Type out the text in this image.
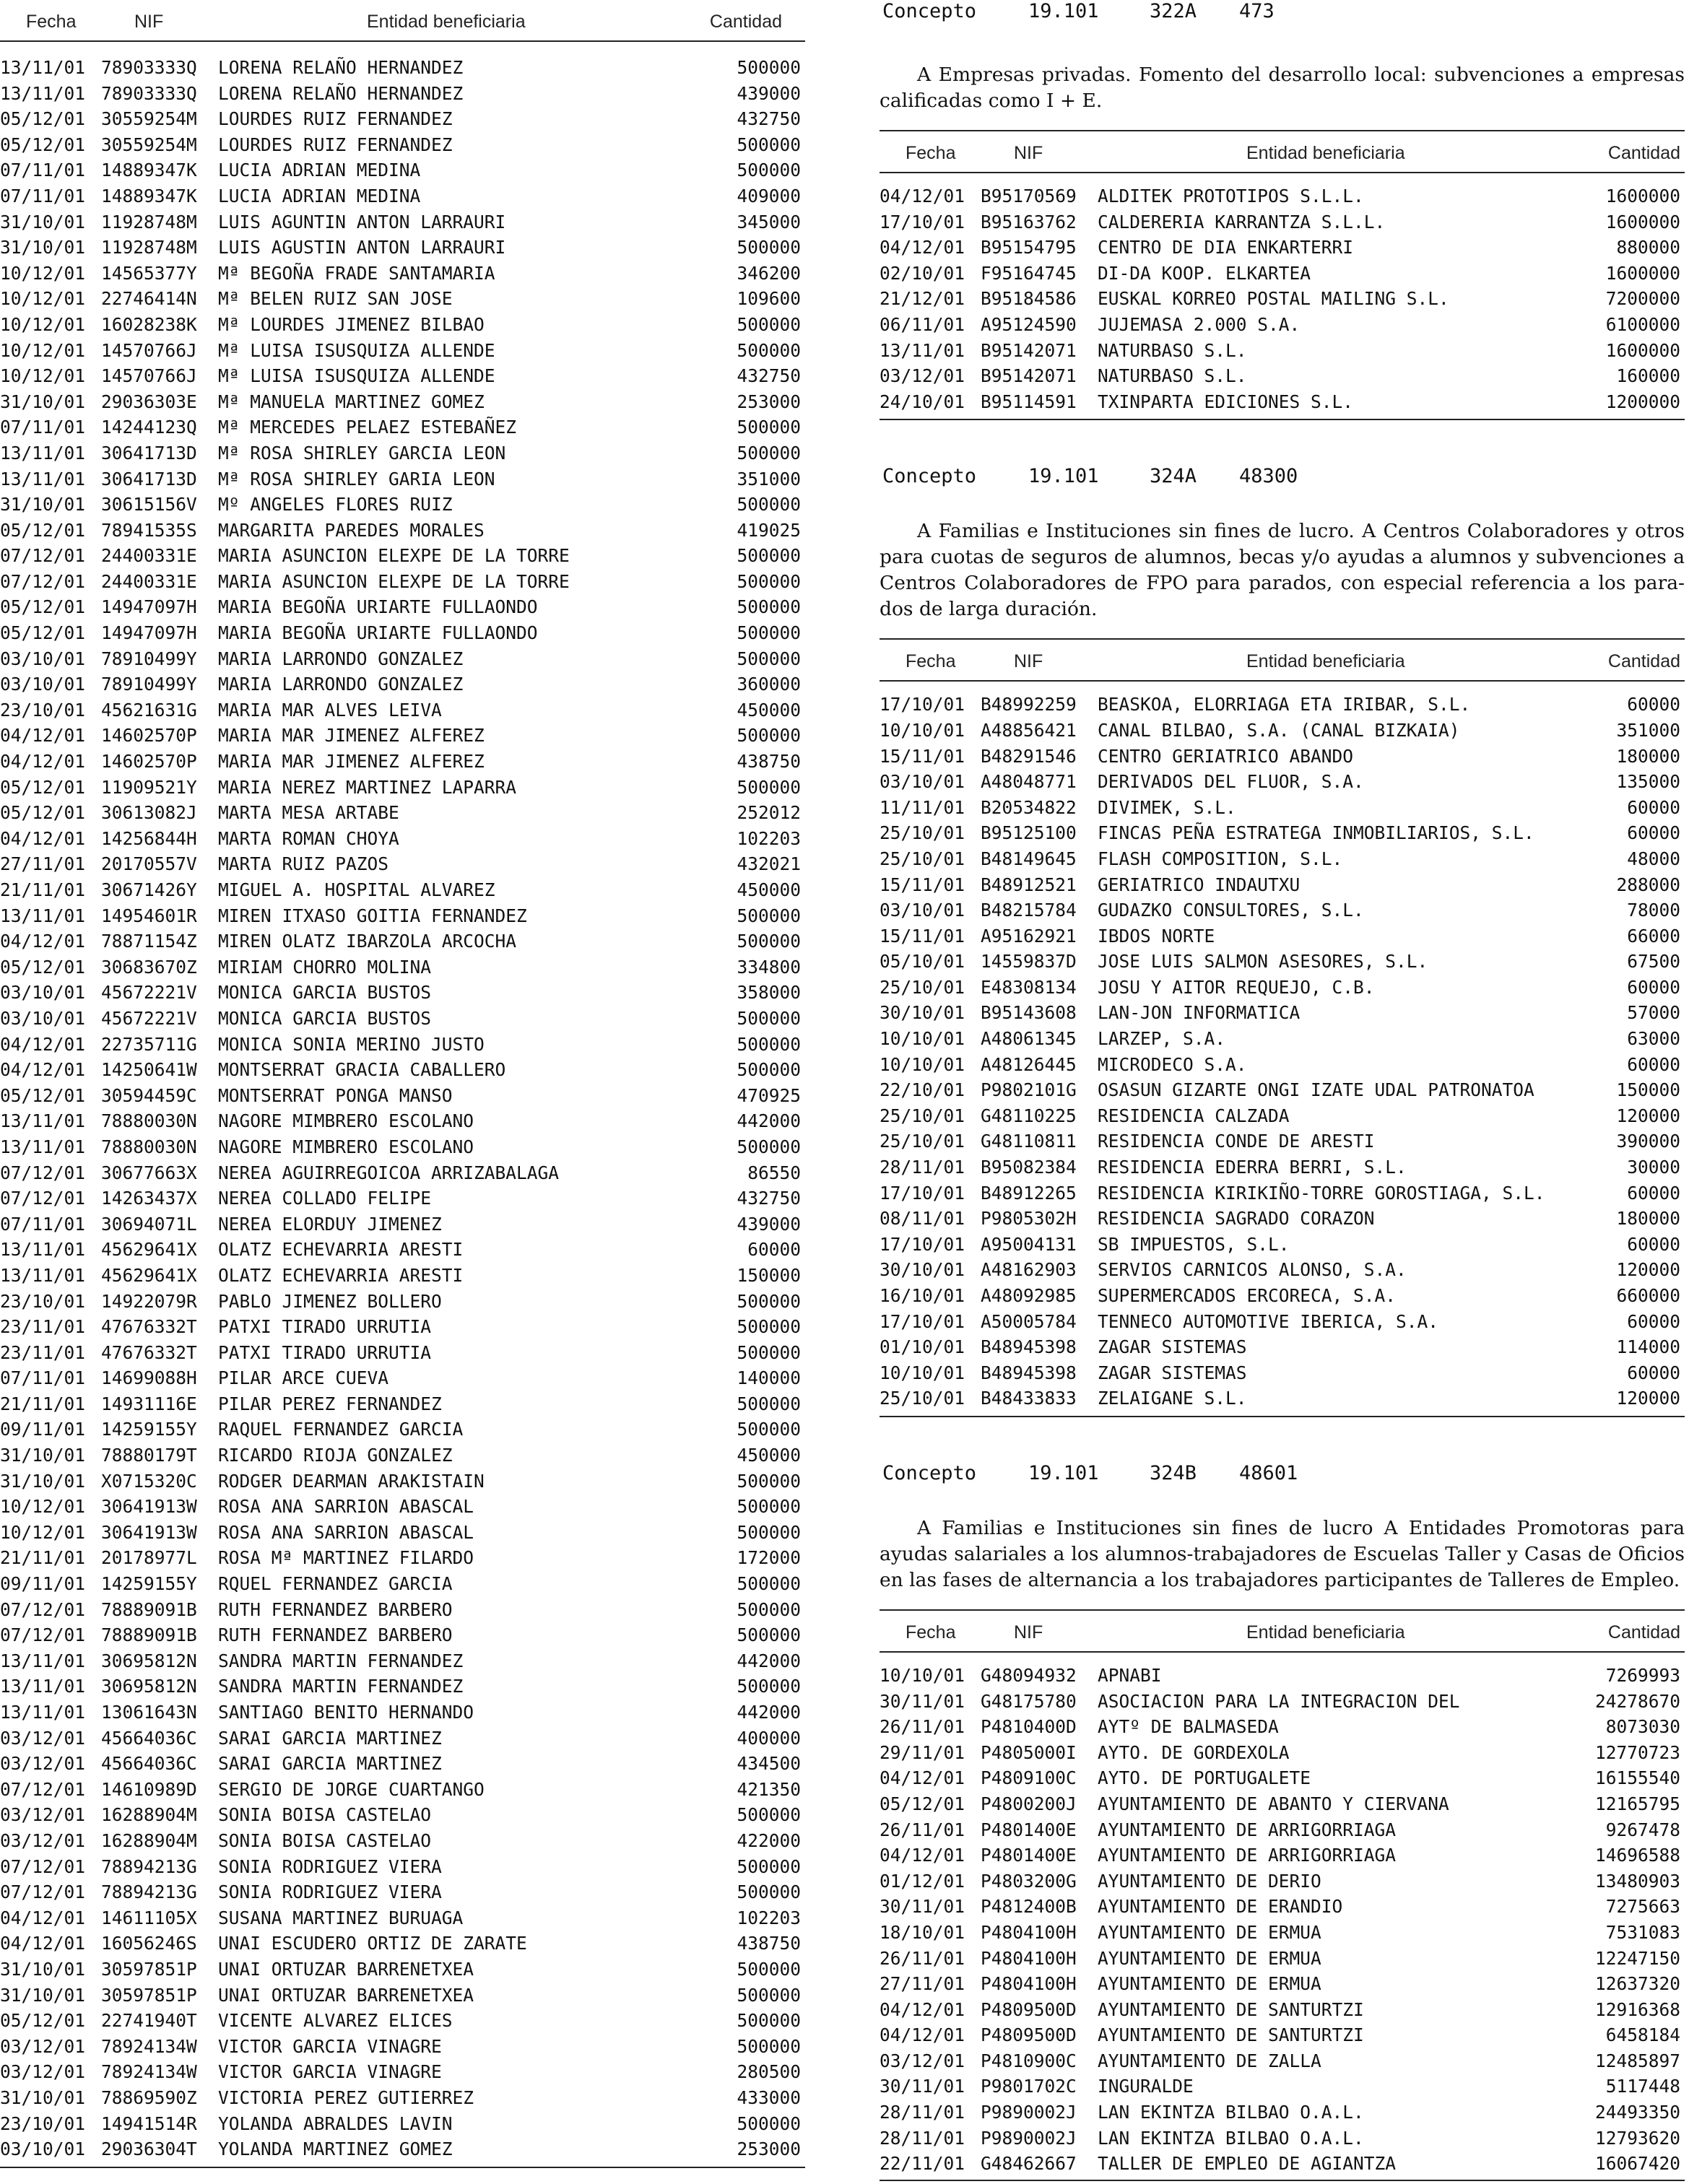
Fecha	NIF	Entidad beneficiaria	Cantidad
13/11/01 78903333Q LORENA RELAÑO HERNANDEZ	500000
13/11/01 78903333Q LORENA RELAÑO HERNANDEZ	439000
05/12/01 30559254M LOURDES RUIZ FERNANDEZ	432750
05/12/01 30559254M LOURDES RUIZ FERNANDEZ	500000
07/11/01 14889347K LUCIA ADRIAN MEDINA	500000
07/11/01 14889347K LUCIA ADRIAN MEDINA	409000
31/10/01 11928748M LUIS AGUNTIN ANTON LARRAURI	345000
31/10/01 11928748M LUIS AGUSTIN ANTON LARRAURI	500000
10/12/01 14565377Y Mª BEGOÑA FRADE SANTAMARIA	346200
10/12/01 22746414N Mª BELEN RUIZ SAN JOSE	109600
10/12/01 16028238K Mª LOURDES JIMENEZ BILBAO	500000
10/12/01 14570766J Mª LUISA ISUSQUIZA ALLENDE	500000
10/12/01 14570766J Mª LUISA ISUSQUIZA ALLENDE	432750
31/10/01 29036303E Mª MANUELA MARTINEZ GOMEZ	253000
07/11/01 14244123Q Mª MERCEDES PELAEZ ESTEBAÑEZ	500000
13/11/01 30641713D Mª ROSA SHIRLEY GARCIA LEON	500000
13/11/01 30641713D Mª ROSA SHIRLEY GARIA LEON	351000
31/10/01 30615156V Mº ANGELES FLORES RUIZ	500000
05/12/01 78941535S MARGARITA PAREDES MORALES	419025
07/12/01 24400331E MARIA ASUNCION ELEXPE DE LA TORRE	500000
07/12/01 24400331E MARIA ASUNCION ELEXPE DE LA TORRE	500000
05/12/01 14947097H MARIA BEGOÑA URIARTE FULLAONDO	500000
05/12/01 14947097H MARIA BEGOÑA URIARTE FULLAONDO	500000
03/10/01 78910499Y MARIA LARRONDO GONZALEZ	500000
03/10/01 78910499Y MARIA LARRONDO GONZALEZ	360000
23/10/01 45621631G MARIA MAR ALVES LEIVA	450000
04/12/01 14602570P MARIA MAR JIMENEZ ALFEREZ	500000
04/12/01 14602570P MARIA MAR JIMENEZ ALFEREZ	438750
05/12/01 11909521Y MARIA NEREZ MARTINEZ LAPARRA	500000
05/12/01 30613082J MARTA MESA ARTABE	252012
04/12/01 14256844H MARTA ROMAN CHOYA	102203
27/11/01 20170557V MARTA RUIZ PAZOS	432021
21/11/01 30671426Y MIGUEL A. HOSPITAL ALVAREZ	450000
13/11/01 14954601R MIREN ITXASO GOITIA FERNANDEZ	500000
04/12/01 78871154Z MIREN OLATZ IBARZOLA ARCOCHA	500000
05/12/01 30683670Z MIRIAM CHORRO MOLINA	334800
03/10/01 45672221V MONICA GARCIA BUSTOS	358000
03/10/01 45672221V MONICA GARCIA BUSTOS	500000
04/12/01 22735711G MONICA SONIA MERINO JUSTO	500000
04/12/01 14250641W MONTSERRAT GRACIA CABALLERO	500000
05/12/01 30594459C MONTSERRAT PONGA MANSO	470925
13/11/01 78880030N NAGORE MIMBRERO ESCOLANO	442000
13/11/01 78880030N NAGORE MIMBRERO ESCOLANO	500000
07/12/01 30677663X NEREA AGUIRREGOICOA ARRIZABALAGA	86550
07/12/01 14263437X NEREA COLLADO FELIPE	432750
07/11/01 30694071L NEREA ELORDUY JIMENEZ	439000
13/11/01 45629641X OLATZ ECHEVARRIA ARESTI	60000
13/11/01 45629641X OLATZ ECHEVARRIA ARESTI	150000
23/10/01 14922079R PABLO JIMENEZ BOLLERO	500000
23/11/01 47676332T PATXI TIRADO URRUTIA	500000
23/11/01 47676332T PATXI TIRADO URRUTIA	500000
07/11/01 14699088H PILAR ARCE CUEVA	140000
21/11/01 14931116E PILAR PEREZ FERNANDEZ	500000
09/11/01 14259155Y RAQUEL FERNANDEZ GARCIA	500000
31/10/01 78880179T RICARDO RIOJA GONZALEZ	450000
31/10/01 X0715320C RODGER DEARMAN ARAKISTAIN	500000
10/12/01 30641913W ROSA ANA SARRION ABASCAL	500000
10/12/01 30641913W ROSA ANA SARRION ABASCAL	500000
21/11/01 20178977L ROSA Mª MARTINEZ FILARDO	172000
09/11/01 14259155Y RQUEL FERNANDEZ GARCIA	500000
07/12/01 78889091B RUTH FERNANDEZ BARBERO	500000
07/12/01 78889091B RUTH FERNANDEZ BARBERO	500000
13/11/01 30695812N SANDRA MARTIN FERNANDEZ	442000
13/11/01 30695812N SANDRA MARTIN FERNANDEZ	500000
13/11/01 13061643N SANTIAGO BENITO HERNANDO	442000
03/12/01 45664036C SARAI GARCIA MARTINEZ	400000
03/12/01 45664036C SARAI GARCIA MARTINEZ	434500
07/12/01 14610989D SERGIO DE JORGE CUARTANGO	421350
03/12/01 16288904M SONIA BOISA CASTELAO	500000
03/12/01 16288904M SONIA BOISA CASTELAO	422000
07/12/01 78894213G SONIA RODRIGUEZ VIERA	500000
07/12/01 78894213G SONIA RODRIGUEZ VIERA	500000
04/12/01 14611105X SUSANA MARTINEZ BURUAGA	102203
04/12/01 16056246S UNAI ESCUDERO ORTIZ DE ZARATE	438750
31/10/01 30597851P UNAI ORTUZAR BARRENETXEA	500000
31/10/01 30597851P UNAI ORTUZAR BARRENETXEA	500000
05/12/01 22741940T VICENTE ALVAREZ ELICES	500000
03/12/01 78924134W VICTOR GARCIA VINAGRE	500000
03/12/01 78924134W VICTOR GARCIA VINAGRE	280500
31/10/01 78869590Z VICTORIA PEREZ GUTIERREZ	433000
23/10/01 14941514R YOLANDA ABRALDES LAVIN	500000
03/10/01 29036304T YOLANDA MARTINEZ GOMEZ	253000
Concepto	19.101	322A 473

A Empresas privadas. Fomento del desarrollo local: subvenciones a empresas calificadas como I + E.

Fecha	NIF	Entidad beneficiaria	Cantidad
04/12/01 B95170569 ALDITEK PROTOTIPOS S.L.L.	1600000
17/10/01 B95163762 CALDERERIA KARRANTZA S.L.L.	1600000
04/12/01 B95154795 CENTRO DE DIA ENKARTERRI	880000
02/10/01 F95164745 DI-DA KOOP. ELKARTEA	1600000
21/12/01 B95184586 EUSKAL KORREO POSTAL MAILING S.L.	7200000
06/11/01 A95124590 JUJEMASA 2.000 S.A.	6100000
13/11/01 B95142071 NATURBASO S.L.	1600000
03/12/01 B95142071 NATURBASO S.L.	160000
24/10/01 B95114591 TXINPARTA EDICIONES S.L.	1200000
Concepto	19.101	324A 48300

A Familias e Instituciones sin fines de lucro. A Centros Colaboradores y otros para cuotas de seguros de alumnos, becas y/o ayudas a alumnos y subvenciones a Centros Colaboradores de FPO para parados, con especial referencia a los para-dos de larga duración.

Fecha	NIF	Entidad beneficiaria	Cantidad
17/10/01 B48992259 BEASKOA, ELORRIAGA ETA IRIBAR, S.L.	60000
10/10/01 A48856421 CANAL BILBAO, S.A. (CANAL BIZKAIA)	351000
15/11/01 B48291546 CENTRO GERIATRICO ABANDO	180000
03/10/01 A48048771 DERIVADOS DEL FLUOR, S.A.	135000
11/11/01 B20534822 DIVIMEK, S.L.	60000
25/10/01 B95125100 FINCAS PEÑA ESTRATEGA INMOBILIARIOS, S.L.	60000
25/10/01 B48149645 FLASH COMPOSITION, S.L.	48000
15/11/01 B48912521 GERIATRICO INDAUTXU	288000
03/10/01 B48215784 GUDAZKO CONSULTORES, S.L.	78000
15/11/01 A95162921 IBDOS NORTE	66000
05/10/01 14559837D JOSE LUIS SALMON ASESORES, S.L.	67500
25/10/01 E48308134 JOSU Y AITOR REQUEJO, C.B.	60000
30/10/01 B95143608 LAN-JON INFORMATICA	57000
10/10/01 A48061345 LARZEP, S.A.	63000
10/10/01 A48126445 MICRODECO S.A.	60000
22/10/01 P9802101G OSASUN GIZARTE ONGI IZATE UDAL PATRONATOA	150000
25/10/01 G48110225 RESIDENCIA CALZADA	120000
25/10/01 G48110811 RESIDENCIA CONDE DE ARESTI	390000
28/11/01 B95082384 RESIDENCIA EDERRA BERRI, S.L.	30000
17/10/01 B48912265 RESIDENCIA KIRIKIÑO-TORRE GOROSTIAGA, S.L.	60000
08/11/01 P9805302H RESIDENCIA SAGRADO CORAZON	180000
17/10/01 A95004131 SB IMPUESTOS, S.L.	60000
30/10/01 A48162903 SERVIOS CARNICOS ALONSO, S.A.	120000
16/10/01 A48092985 SUPERMERCADOS ERCORECA, S.A.	660000
17/10/01 A50005784 TENNECO AUTOMOTIVE IBERICA, S.A.	60000
01/10/01 B48945398 ZAGAR SISTEMAS	114000
10/10/01 B48945398 ZAGAR SISTEMAS	60000
25/10/01 B48433833 ZELAIGANE S.L.	120000
Concepto	19.101	324B 48601

A Familias e Instituciones sin fines de lucro A Entidades Promotoras para ayudas salariales a los alumnos-trabajadores de Escuelas Taller y Casas de Oficios en las fases de alternancia a los trabajadores participantes de Talleres de Empleo.

Fecha	NIF	Entidad beneficiaria	Cantidad
10/10/01 G48094932 APNABI	7269993
30/11/01 G48175780 ASOCIACION PARA LA INTEGRACION DEL	24278670
26/11/01 P4810400D AYTº DE BALMASEDA	8073030
29/11/01 P4805000I AYTO. DE GORDEXOLA	12770723
04/12/01 P4809100C AYTO. DE PORTUGALETE	16155540
05/12/01 P4800200J AYUNTAMIENTO DE ABANTO Y CIERVANA	12165795
26/11/01 P4801400E AYUNTAMIENTO DE ARRIGORRIAGA	9267478
04/12/01 P4801400E AYUNTAMIENTO DE ARRIGORRIAGA	14696588
01/12/01 P4803200G AYUNTAMIENTO DE DERIO	13480903
30/11/01 P4812400B AYUNTAMIENTO DE ERANDIO	7275663
18/10/01 P4804100H AYUNTAMIENTO DE ERMUA	7531083
26/11/01 P4804100H AYUNTAMIENTO DE ERMUA	12247150
27/11/01 P4804100H AYUNTAMIENTO DE ERMUA	12637320
04/12/01 P4809500D AYUNTAMIENTO DE SANTURTZI	12916368
04/12/01 P4809500D AYUNTAMIENTO DE SANTURTZI	6458184
03/12/01 P4810900C AYUNTAMIENTO DE ZALLA	12485897
30/11/01 P9801702C INGURALDE	5117448
28/11/01 P9890002J LAN EKINTZA BILBAO O.A.L.	24493350
28/11/01 P9890002J LAN EKINTZA BILBAO O.A.L.	12793620
22/11/01 G48462667 TALLER DE EMPLEO DE AGIANTZA	16067420
